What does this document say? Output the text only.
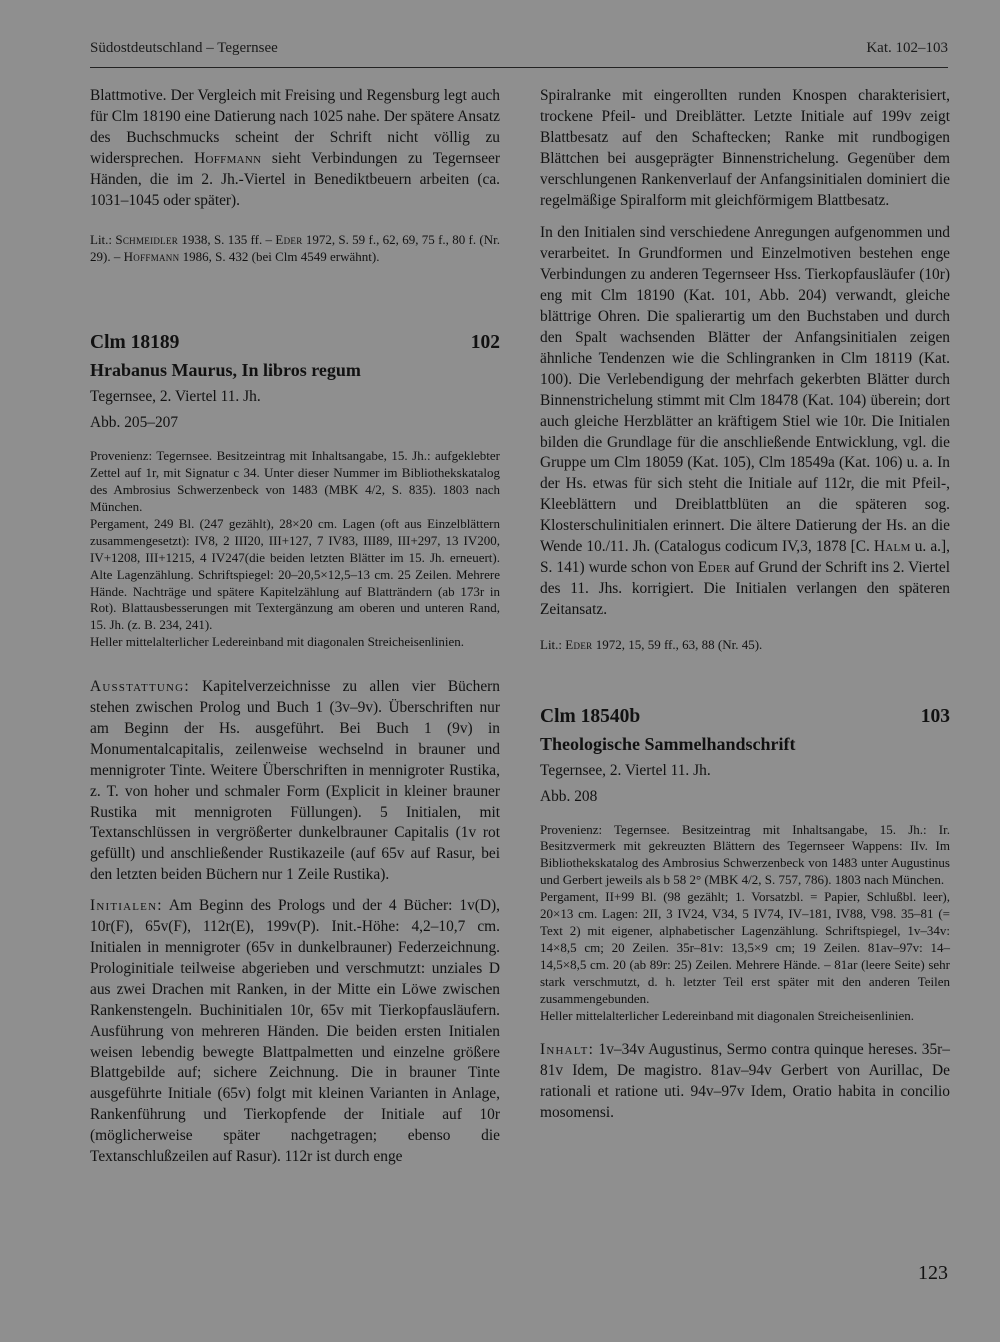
Südostdeutschland – Tegernsee	Kat. 102–103

Blattmotive. Der Vergleich mit Freising und Regensburg legt auch für Clm 18190 eine Datierung nach 1025 nahe. Der spätere Ansatz des Buchschmucks scheint der Schrift nicht völlig zu widersprechen. Hoffmann sieht Verbindungen zu Tegernseer Händen, die im 2. Jh.-Viertel in Benediktbeuern arbeiten (ca. 1031–1045 oder später).

Lit.: Schmeidler 1938, S. 135 ff. – Eder 1972, S. 59 f., 62, 69, 75 f., 80 f. (Nr. 29). – Hoffmann 1986, S. 432 (bei Clm 4549 erwähnt).

Clm 18189	102
Hrabanus Maurus, In libros regum
Tegernsee, 2. Viertel 11. Jh.
Abb. 205–207

Provenienz: Tegernsee. Besitzeintrag mit Inhaltsangabe, 15. Jh.: aufgeklebter Zettel auf 1r, mit Signatur c 34. Unter dieser Nummer im Bibliothekskatalog des Ambrosius Schwerzenbeck von 1483 (MBK 4/2, S. 835). 1803 nach München.

Pergament, 249 Bl. (247 gezählt), 28×20 cm. Lagen (oft aus Einzelblättern zusammengesetzt): IV8, 2 III20, III+127, 7 IV83, III89, III+297, 13 IV200, IV+1208, III+1215, 4 IV247(die beiden letzten Blätter im 15. Jh. erneuert). Alte Lagenzählung. Schriftspiegel: 20–20,5×12,5–13 cm. 25 Zeilen. Mehrere Hände. Nachträge und spätere Kapitelzählung auf Blatträndern (ab 173r in Rot). Blattausbesserungen mit Textergänzung am oberen und unteren Rand, 15. Jh. (z. B. 234, 241).

Heller mittelalterlicher Ledereinband mit diagonalen Streicheisenlinien.

Ausstattung: Kapitelverzeichnisse zu allen vier Büchern stehen zwischen Prolog und Buch 1 (3v–9v). Überschriften nur am Beginn der Hs. ausgeführt. Bei Buch 1 (9v) in Monumentalcapitalis, zeilenweise wechselnd in brauner und mennigroter Tinte. Weitere Überschriften in mennigroter Rustika, z. T. von hoher und schmaler Form (Explicit in kleiner brauner Rustika mit mennigroten Füllungen). 5 Initialen, mit Textanschlüssen in vergrößerter dunkelbrauner Capitalis (1v rot gefüllt) und anschließender Rustikazeile (auf 65v auf Rasur, bei den letzten beiden Büchern nur 1 Zeile Rustika).

Initialen: Am Beginn des Prologs und der 4 Bücher: 1v(D), 10r(F), 65v(F), 112r(E), 199v(P). Init.-Höhe: 4,2–10,7 cm. Initialen in mennigroter (65v in dunkelbrauner) Federzeichnung. Prologinitiale teilweise abgerieben und verschmutzt: unziales D aus zwei Drachen mit Ranken, in der Mitte ein Löwe zwischen Rankenstengeln. Buchinitialen 10r, 65v mit Tierkopfausläufern. Ausführung von mehreren Händen. Die beiden ersten Initialen weisen lebendig bewegte Blattpalmetten und einzelne größere Blattgebilde auf; sichere Zeichnung. Die in brauner Tinte ausgeführte Initiale (65v) folgt mit kleinen Varianten in Anlage, Rankenführung und Tierkopfende der Initiale auf 10r (möglicherweise später nachgetragen; ebenso die Textanschlußzeilen auf Rasur). 112r ist durch enge

Spiralranke mit eingerollten runden Knospen charakterisiert, trockene Pfeil- und Dreiblätter. Letzte Initiale auf 199v zeigt Blattbesatz auf den Schaftecken; Ranke mit rundbogigen Blättchen bei ausgeprägter Binnenstrichelung. Gegenüber dem verschlungenen Rankenverlauf der Anfangsinitialen dominiert die regelmäßige Spiralform mit gleichförmigem Blattbesatz.

In den Initialen sind verschiedene Anregungen aufgenommen und verarbeitet. In Grundformen und Einzelmotiven bestehen enge Verbindungen zu anderen Tegernseer Hss. Tierkopfausläufer (10r) eng mit Clm 18190 (Kat. 101, Abb. 204) verwandt, gleiche blättrige Ohren. Die spalierartig um den Buchstaben und durch den Spalt wachsenden Blätter der Anfangsinitialen zeigen ähnliche Tendenzen wie die Schlingranken in Clm 18119 (Kat. 100). Die Verlebendigung der mehrfach gekerbten Blätter durch Binnenstrichelung stimmt mit Clm 18478 (Kat. 104) überein; dort auch gleiche Herzblätter an kräftigem Stiel wie 10r. Die Initialen bilden die Grundlage für die anschließende Entwicklung, vgl. die Gruppe um Clm 18059 (Kat. 105), Clm 18549a (Kat. 106) u. a. In der Hs. etwas für sich steht die Initiale auf 112r, die mit Pfeil-, Kleeblättern und Dreiblattblüten an die späteren sog. Klosterschulinitialen erinnert. Die ältere Datierung der Hs. an die Wende 10./11. Jh. (Catalogus codicum IV,3, 1878 [C. Halm u. a.], S. 141) wurde schon von Eder auf Grund der Schrift ins 2. Viertel des 11. Jhs. korrigiert. Die Initialen verlangen den späteren Zeitansatz.

Lit.: Eder 1972, 15, 59 ff., 63, 88 (Nr. 45).

Clm 18540b	103
Theologische Sammelhandschrift
Tegernsee, 2. Viertel 11. Jh.
Abb. 208

Provenienz: Tegernsee. Besitzeintrag mit Inhaltsangabe, 15. Jh.: Ir. Besitzvermerk mit gekreuzten Blättern des Tegernseer Wappens: IIv. Im Bibliothekskatalog des Ambrosius Schwerzenbeck von 1483 unter Augustinus und Gerbert jeweils als b 58 2° (MBK 4/2, S. 757, 786). 1803 nach München.

Pergament, II+99 Bl. (98 gezählt; 1. Vorsatzbl. = Papier, Schlußbl. leer), 20×13 cm. Lagen: 2II, 3 IV24, V34, 5 IV74, IV–181, IV88, V98. 35–81 (= Text 2) mit eigener, alphabetischer Lagenzählung. Schriftspiegel, 1v–34v: 14×8,5 cm; 20 Zeilen. 35r–81v: 13,5×9 cm; 19 Zeilen. 81av–97v: 14–14,5×8,5 cm. 20 (ab 89r: 25) Zeilen. Mehrere Hände. – 81ar (leere Seite) sehr stark verschmutzt, d. h. letzter Teil erst später mit den anderen Teilen zusammengebunden.

Heller mittelalterlicher Ledereinband mit diagonalen Streicheisenlinien.

Inhalt: 1v–34v Augustinus, Sermo contra quinque hereses. 35r–81v Idem, De magistro. 81av–94v Gerbert von Aurillac, De rationali et ratione uti. 94v–97v Idem, Oratio habita in concilio mosomensi.

123
